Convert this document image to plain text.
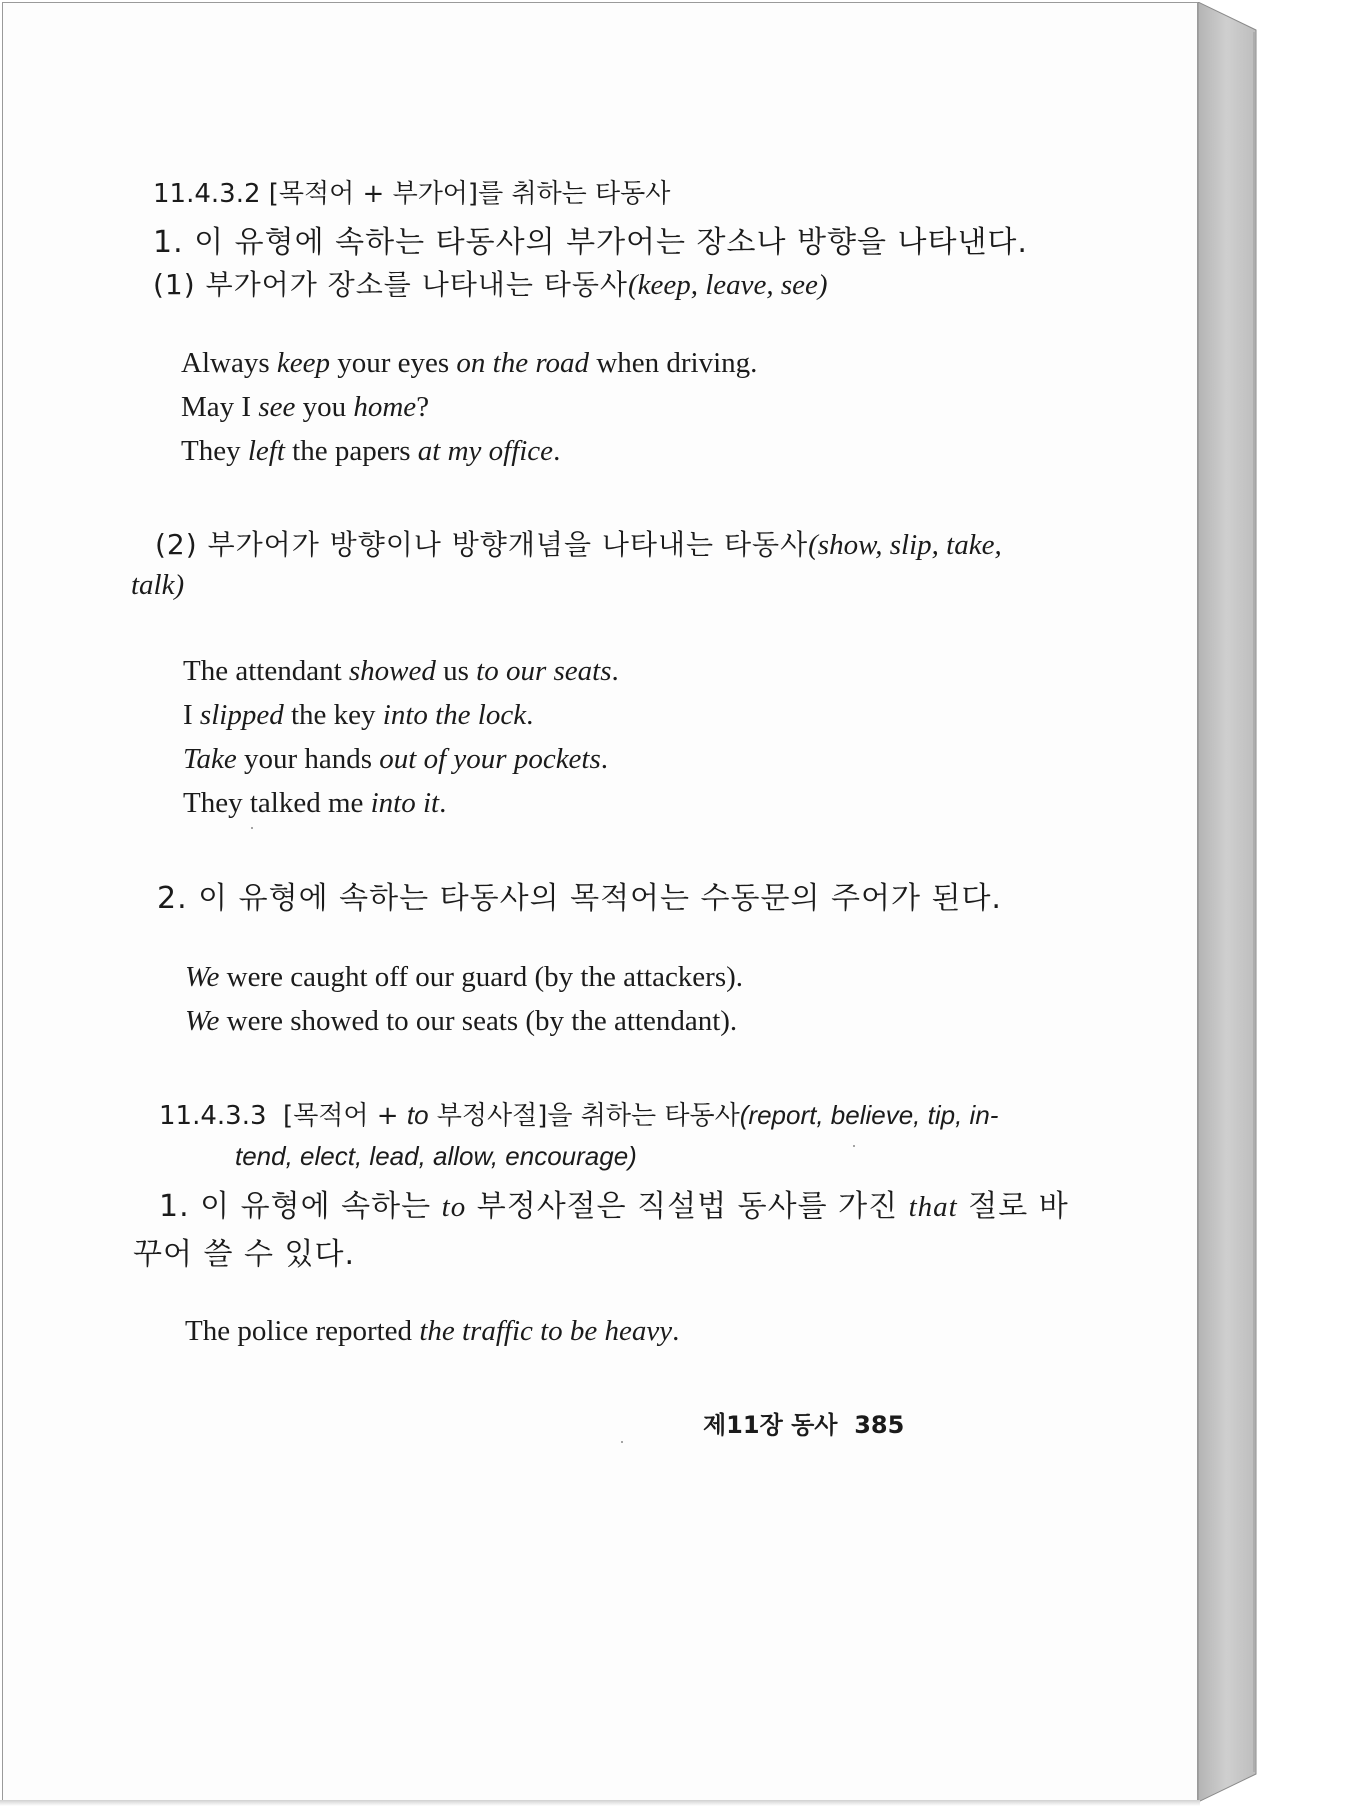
11.4.3.2 [목적어 + 부가어]를 취하는 타동사
1. 이 유형에 속하는 타동사의 부가어는 장소나 방향을 나타낸다.
(1) 부가어가 장소를 나타내는 타동사(keep, leave, see)
Always keep your eyes on the road when driving.
May I see you home?
They left the papers at my office.
(2) 부가어가 방향이나 방향개념을 나타내는 타동사(show, slip, take,
talk)
The attendant showed us to our seats.
I slipped the key into the lock.
Take your hands out of your pockets.
They talked me into it.
2. 이 유형에 속하는 타동사의 목적어는 수동문의 주어가 된다.
We were caught off our guard (by the attackers).
We were showed to our seats (by the attendant).
11.4.3.3 [목적어 + to 부정사절]을 취하는 타동사(report, believe, tip, in-
tend, elect, lead, allow, encourage)
1. 이 유형에 속하는 to 부정사절은 직설법 동사를 가진 that 절로 바
꾸어 쓸 수 있다.
The police reported the traffic to be heavy.
제11장 동사 385
